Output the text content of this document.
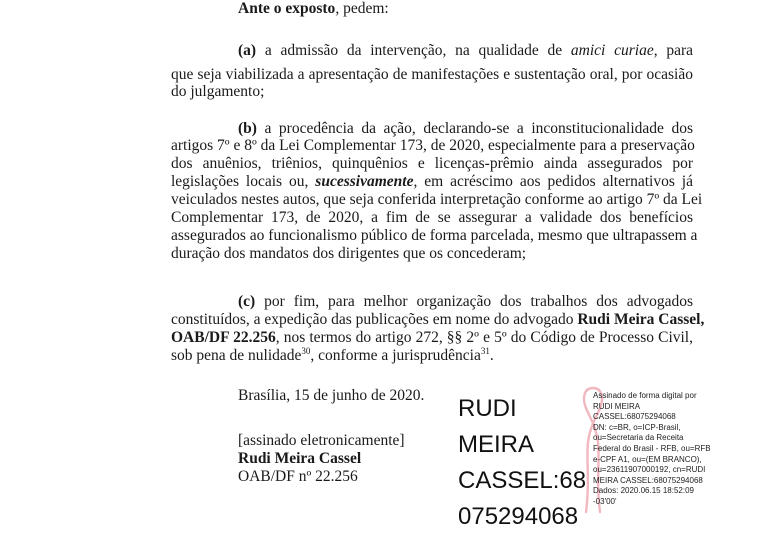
Ante o exposto, pedem:
(a) a admissão da intervenção, na qualidade de amici curiae, para
que seja viabilizada a apresentação de manifestações e sustentação oral, por ocasião
do julgamento;
(b) a procedência da ação, declarando-se a inconstitucionalidade dos
artigos 7º e 8º da Lei Complementar 173, de 2020, especialmente para a preservação
dos anuênios, triênios, quinquênios e licenças-prêmio ainda assegurados por
legislações locais ou, sucessivamente, em acréscimo aos pedidos alternativos já
veiculados nestes autos, que seja conferida interpretação conforme ao artigo 7º da Lei
Complementar 173, de 2020, a fim de se assegurar a validade dos benefícios
assegurados ao funcionalismo público de forma parcelada, mesmo que ultrapassem a
duração dos mandatos dos dirigentes que os concederam;
(c) por fim, para melhor organização dos trabalhos dos advogados
constituídos, a expedição das publicações em nome do advogado Rudi Meira Cassel,
OAB/DF 22.256, nos termos do artigo 272, §§ 2º e 5º do Código de Processo Civil,
sob pena de nulidade$^{30}$, conforme a jurisprudência$^{31}$.
Brasília, 15 de junho de 2020.
[assinado eletronicamente]
Rudi Meira Cassel
OAB/DF nº 22.256
RUDI
MEIRA
CASSEL:68
075294068
Assinado de forma digital por
RUDI MEIRA
CASSEL:68075294068
DN: c=BR, o=ICP-Brasil,
ou=Secretaria da Receita
Federal do Brasil - RFB, ou=RFB
e-CPF A1, ou=(EM BRANCO),
ou=23611907000192, cn=RUDI
MEIRA CASSEL:68075294068
Dados: 2020.06.15 18:52:09
-03'00'
